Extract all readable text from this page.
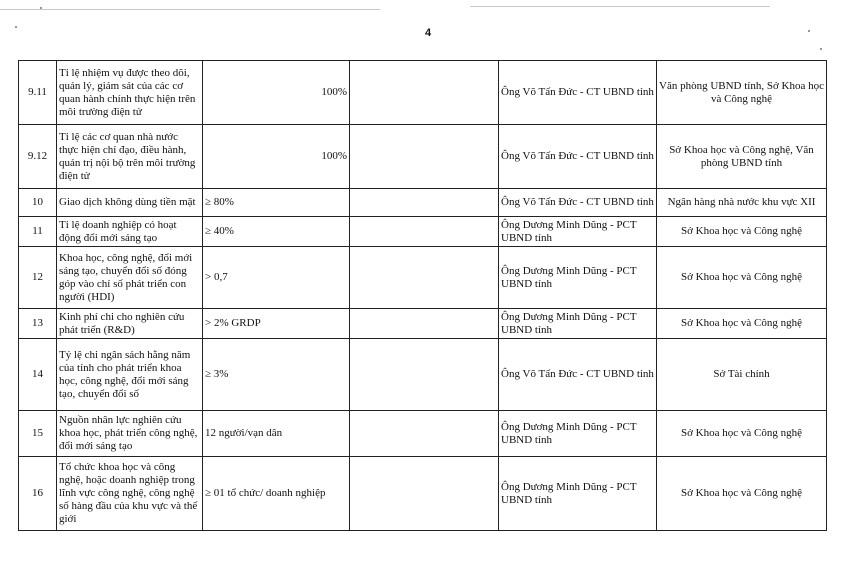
4
9.11	Tỉ lệ nhiệm vụ được theo dõi, quản lý, giám sát của các cơ quan hành chính thực hiện trên môi trường điện tử	100%		Ông Võ Tấn Đức - CT UBND tỉnh	Văn phòng UBND tỉnh, Sở Khoa học và Công nghệ
9.12	Tỉ lệ các cơ quan nhà nước thực hiện chỉ đạo, điều hành, quản trị nội bộ trên môi trường điện tử	100%		Ông Võ Tấn Đức - CT UBND tỉnh	Sở Khoa học và Công nghệ, Văn phòng UBND tỉnh
10	Giao dịch không dùng tiền mặt	≥ 80%		Ông Võ Tấn Đức - CT UBND tỉnh	Ngân hàng nhà nước khu vực XII
11	Tỉ lệ doanh nghiệp có hoạt động đổi mới sáng tạo	≥ 40%		Ông Dương Minh Dũng - PCT UBND tỉnh	Sở Khoa học và Công nghệ
12	Khoa học, công nghệ, đổi mới sáng tạo, chuyển đổi số đóng góp vào chỉ số phát triển con người (HDI)	> 0,7		Ông Dương Minh Dũng - PCT UBND tỉnh	Sở Khoa học và Công nghệ
13	Kinh phí chi cho nghiên cứu phát triển (R&D)	> 2% GRDP		Ông Dương Minh Dũng - PCT UBND tỉnh	Sở Khoa học và Công nghệ
14	Tỷ lệ chi ngân sách hằng năm của tỉnh cho phát triển khoa học, công nghệ, đổi mới sáng tạo, chuyển đổi số	≥ 3%		Ông Võ Tấn Đức - CT UBND tỉnh	Sở Tài chính
15	Nguồn nhân lực nghiên cứu khoa học, phát triển công nghệ, đổi mới sáng tạo	12 người/vạn dân		Ông Dương Minh Dũng - PCT UBND tỉnh	Sở Khoa học và Công nghệ
16	Tổ chức khoa học và công nghệ, hoặc doanh nghiệp trong lĩnh vực công nghệ, công nghệ số hàng đầu của khu vực và thế giới	≥ 01 tổ chức/ doanh nghiệp		Ông Dương Minh Dũng - PCT UBND tỉnh	Sở Khoa học và Công nghệ
